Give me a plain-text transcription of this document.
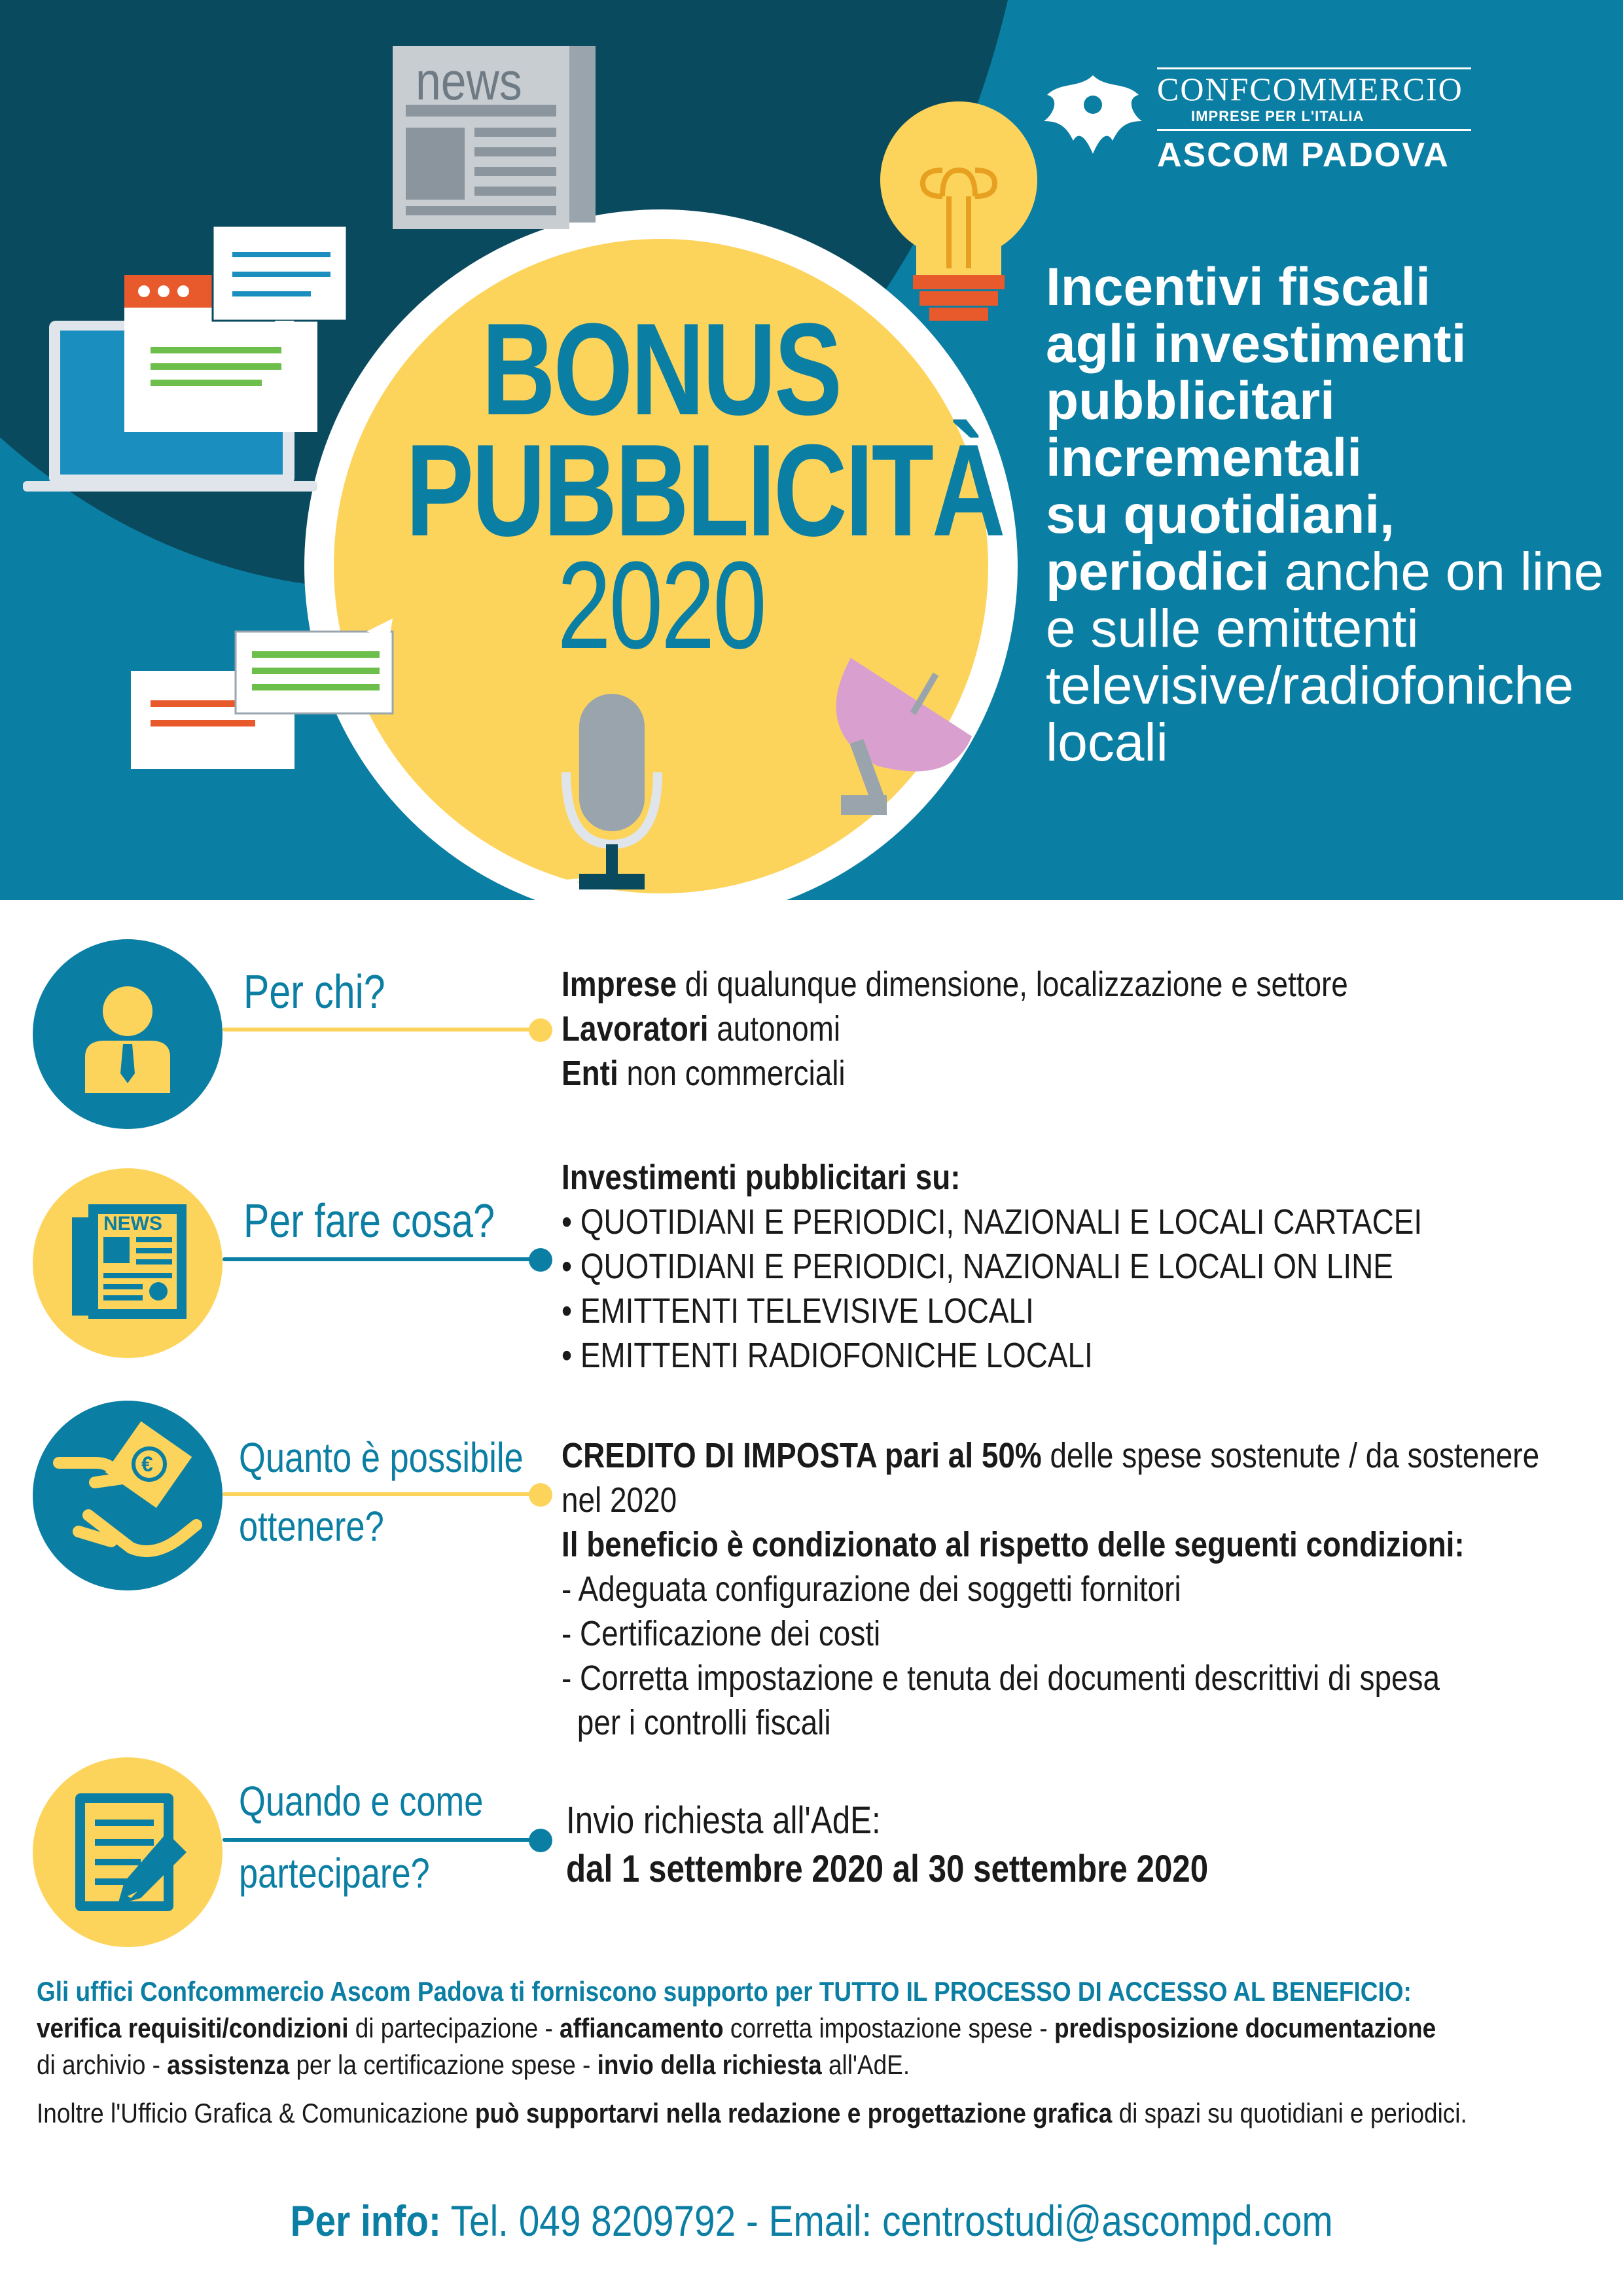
news
BONUS
PUBBLICITÀ
2020
CONFCOMMERCIO
IMPRESE PER L'ITALIA
ASCOM PADOVA
Incentivi fiscali
agli investimenti
pubblicitari
incrementali
su quotidiani,
periodici anche on line
e sulle emittenti
televisive/radiofoniche
locali
Per chi?	Imprese di qualunque dimensione, localizzazione e settore
Lavoratori autonomi
Enti non commerciali
NEWS Per fare cosa?
Investimenti pubblicitari su:
• QUOTIDIANI E PERIODICI, NAZIONALI E LOCALI CARTACEI
• QUOTIDIANI E PERIODICI, NAZIONALI E LOCALI ON LINE
• EMITTENTI TELEVISIVE LOCALI
• EMITTENTI RADIOFONICHE LOCALI
€ Quanto è possibile
ottenere?
CREDITO DI IMPOSTA pari al 50% delle spese sostenute / da sostenere
nel 2020
Il beneficio è condizionato al rispetto delle seguenti condizioni:
- Adeguata configurazione dei soggetti fornitori
- Certificazione dei costi
- Corretta impostazione e tenuta dei documenti descrittivi di spesa
per i controlli fiscali
Quando e come
partecipare?
Invio richiesta all'AdE:
dal 1 settembre 2020 al 30 settembre 2020
Gli uffici Confcommercio Ascom Padova ti forniscono supporto per TUTTO IL PROCESSO DI ACCESSO AL BENEFICIO:
verifica requisiti/condizioni di partecipazione - affiancamento corretta impostazione spese - predisposizione documentazione
di archivio - assistenza per la certificazione spese - invio della richiesta all'AdE.
Inoltre l'Ufficio Grafica & Comunicazione può supportarvi nella redazione e progettazione grafica di spazi su quotidiani e periodici.
Per info: Tel. 049 8209792 - Email: centrostudi@ascompd.com
